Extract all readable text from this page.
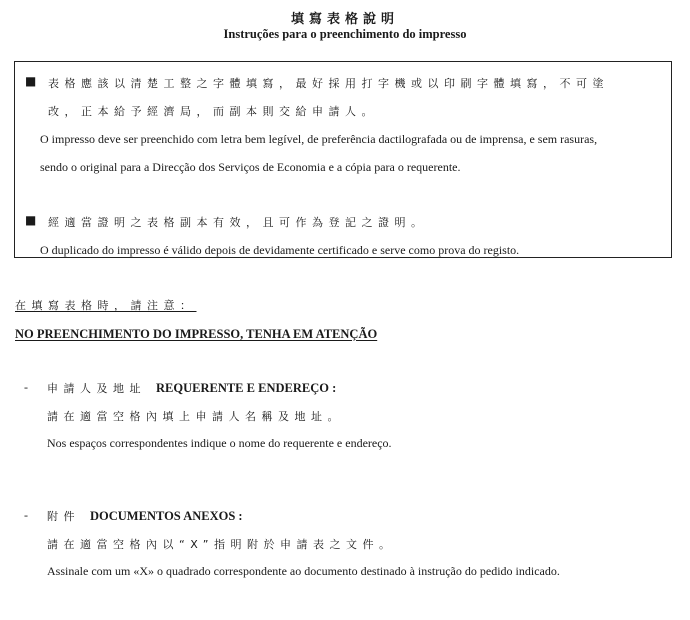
填寫表格說明
Instruções para o preenchimento do impresso
■ 表格應該以清楚工整之字體填寫，最好採用打字機或以印刷字體填寫，不可塗
改，正本給予經濟局，而副本則交給申請人。
O impresso deve ser preenchido com letra bem legível, de preferência dactilografada ou de imprensa, e sem rasuras,
sendo o original para a Direcção dos Serviços de Economia e a cópia para o requerente.
■ 經適當證明之表格副本有效，且可作為登記之證明。
O duplicado do impresso é válido depois de devidamente certificado e serve como prova do registo.
在填寫表格時，請注意：
NO PREENCHIMENTO DO IMPRESSO, TENHA EM ATENÇÃO
- 申請人及地址 REQUERENTE E ENDEREÇO :
請在適當空格內填上申請人名稱及地址。
Nos espaços correspondentes indique o nome do requerente e endereço.
- 附件 DOCUMENTOS ANEXOS :
請在適當空格內以“X”指明附於申請表之文件。
Assinale com um «X» o quadrado correspondente ao documento destinado à instrução do pedido indicado.
